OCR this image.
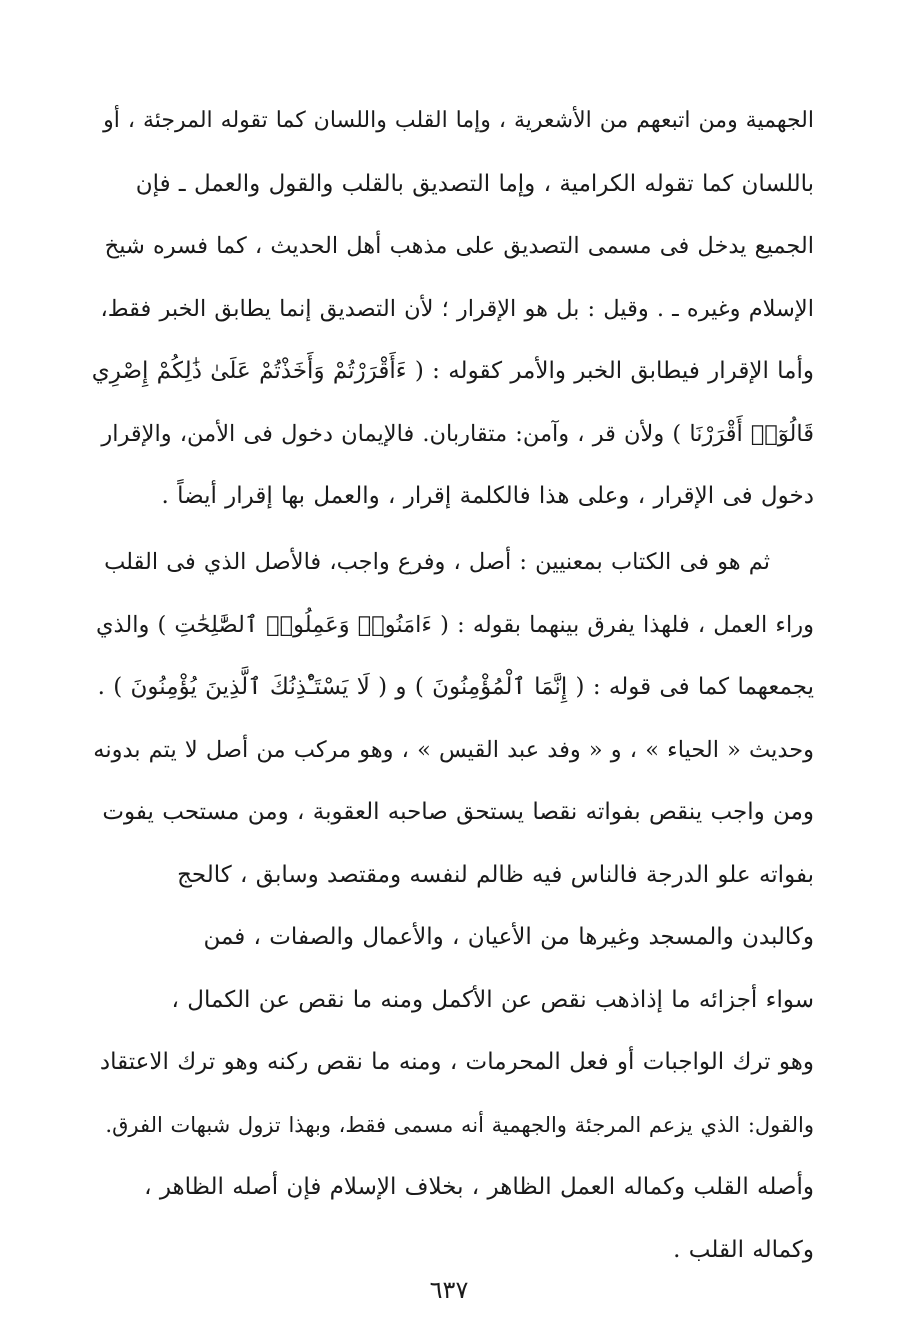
الجهمية ومن اتبعهم من الأشعرية ، وإما القلب واللسان كما تقوله المرجئة ، أو
باللسان كما تقوله الكرامية ، وإما التصديق بالقلب والقول والعمل ـ فإن
الجميع يدخل فى مسمى التصديق على مذهب أهل الحديث ، كما فسره شيخ
الإسلام وغيره ـ . وقيل : بل هو الإقرار ؛ لأن التصديق إنما يطابق الخبر فقط،
وأما الإقرار فيطابق الخبر والأمر كقوله : ( ءَأَقْرَرْتُمْ وَأَخَذْتُمْ عَلَىٰ ذَٰلِكُمْ إِصْرِي
قَالُوٓا۟ أَقْرَرْنَا ) ولأن قر ، وآمن: متقاربان. فالإيمان دخول فى الأمن، والإقرار
دخول فى الإقرار ، وعلى هذا فالكلمة إقرار ، والعمل بها إقرار أيضاً .
ثم هو فى الكتاب بمعنيين : أصل ، وفرع واجب، فالأصل الذي فى القلب
وراء العمل ، فلهذا يفرق بينهما بقوله : ( ءَامَنُوا۟ وَعَمِلُوا۟ ٱلصَّٰلِحَٰتِ ) والذي
يجمعهما كما فى قوله : ( إِنَّمَا ٱلْمُؤْمِنُونَ ) و ( لَا يَسْتَـْٔذِنُكَ ٱلَّذِينَ يُؤْمِنُونَ ) .
وحديث « الحياء » ، و « وفد عبد القيس » ، وهو مركب من أصل لا يتم بدونه
ومن واجب ينقص بفواته نقصا يستحق صاحبه العقوبة ، ومن مستحب يفوت
بفواته علو الدرجة فالناس فيه ظالم لنفسه ومقتصد وسابق ، كالحج
وكالبدن والمسجد وغيرها من الأعيان ، والأعمال والصفات ، فمن
سواء أجزائه ما إذاذهب نقص عن الأكمل ومنه ما نقص عن الكمال ،
وهو ترك الواجبات أو فعل المحرمات ، ومنه ما نقص ركنه وهو ترك الاعتقاد
والقول: الذي يزعم المرجئة والجهمية أنه مسمى فقط، وبهذا تزول شبهات الفرق.
وأصله القلب وكماله العمل الظاهر ، بخلاف الإسلام فإن أصله الظاهر ،
وكماله القلب .
٦٣٧
